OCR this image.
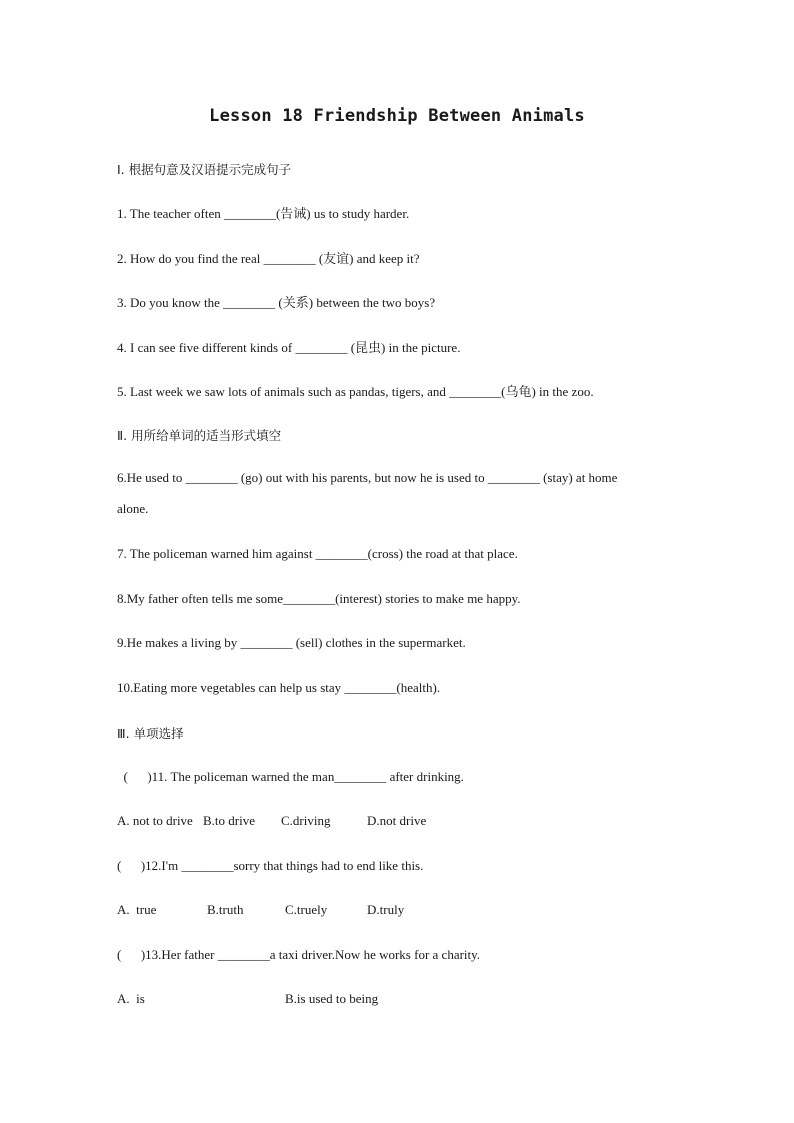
Lesson 18 Friendship Between Animals
Ⅰ. 根据句意及汉语提示完成句子
1. The teacher often ________(告诫) us to study harder.
2. How do you find the real ________ (友谊) and keep it?
3. Do you know the ________ (关系) between the two boys?
4. I can see five different kinds of ________ (昆虫) in the picture.
5. Last week we saw lots of animals such as pandas, tigers, and ________(乌龟) in the zoo.
Ⅱ. 用所给单词的适当形式填空
6.He used to ________ (go) out with his parents, but now he is used to ________ (stay) at home
alone.
7. The policeman warned him against ________(cross) the road at that place.
8.My father often tells me some________(interest) stories to make me happy.
9.He makes a living by ________ (sell) clothes in the supermarket.
10.Eating more vegetables can help us stay ________(health).
Ⅲ. 单项选择
(      )11. The policeman warned the man________ after drinking.
A. not to drive B.to drive C.driving	D.not drive
(      )12.I'm ________sorry that things had to end like this.
A.  true	B.truth	C.truely	D.truly
(      )13.Her father ________a taxi driver.Now he works for a charity.
A.  is	B.is used to being
